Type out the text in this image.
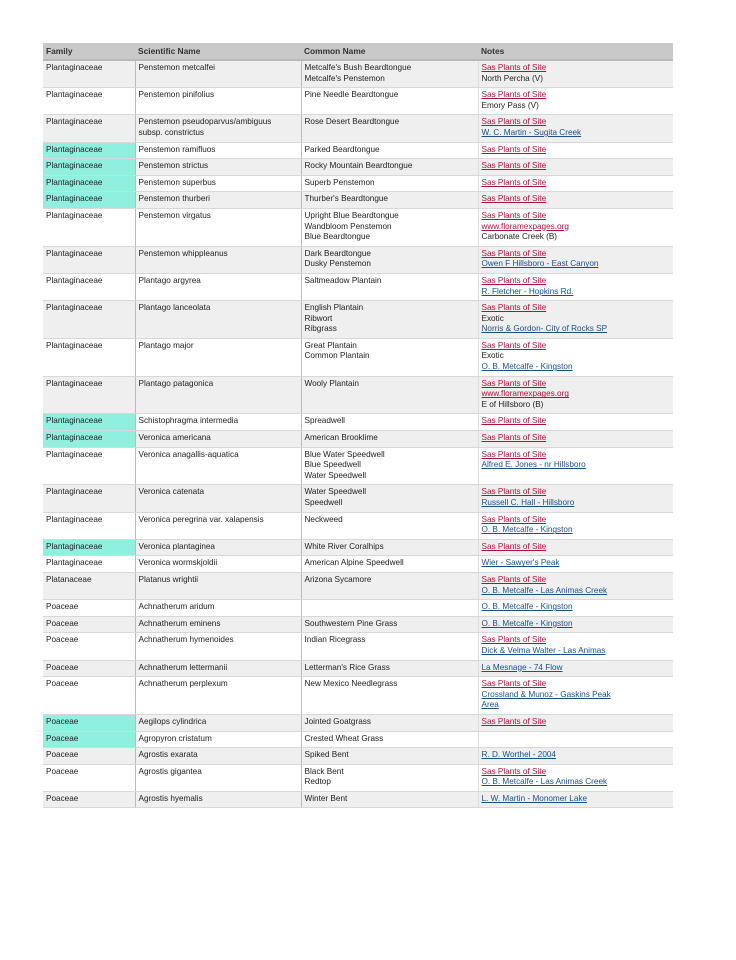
Family	Scientific Name	Common Name	Notes

Plantaginaceae	Penstemon metcalfei	Metcalfe's Bush Beardtongue
Metcalfe's Penstemon	Sas Plants of Site
North Percha (V)

Plantaginaceae	Penstemon pinifolius	Pine Needle Beardtongue	Sas Plants of Site
Emory Pass (V)

Plantaginaceae	Penstemon pseudoparvus/ambiguus
subsp. constrictus	Rose Desert Beardtongue	Sas Plants of Site
W. C. Martin - Sugita Creek

Plantaginaceae	Penstemon ramifluos	Parked Beardtongue	Sas Plants of Site

Plantaginaceae	Penstemon strictus	Rocky Mountain Beardtongue	Sas Plants of Site

Plantaginaceae	Penstemon superbus	Superb Penstemon	Sas Plants of Site

Plantaginaceae	Penstemon thurberi	Thurber's Beardtongue	Sas Plants of Site

Plantaginaceae	Penstemon virgatus	Upright Blue Beardtongue
Wandbloom Penstemon
Blue Beardtongue	Sas Plants of Site
www.floramexpages.org
Carbonate Creek (B)

Plantaginaceae	Penstemon whippleanus	Dark Beardtongue
Dusky Penstemon	Sas Plants of Site
Owen F Hillsboro - East Canyon

Plantaginaceae	Plantago argyrea	Saltmeadow Plantain	Sas Plants of Site
R. Fletcher - Hopkins Rd.

Plantaginaceae	Plantago lanceolata	English Plantain
Ribwort
Ribgrass	Sas Plants of Site
Exotic
Norris & Gordon- City of Rocks SP

Plantaginaceae	Plantago major	Great Plantain
Common Plantain	Sas Plants of Site
Exotic
O. B. Metcalfe - Kingston

Plantaginaceae	Plantago patagonica	Wooly Plantain	Sas Plants of Site
www.floramexpages.org
E of Hillsboro (B)

Plantaginaceae	Schistophragma intermedia	Spreadwell	Sas Plants of Site

Plantaginaceae	Veronica americana	American Brooklime	Sas Plants of Site

Plantaginaceae	Veronica anagallis-aquatica	Blue Water Speedwell
Blue Speedwell
Water Speedwell	Sas Plants of Site
Alfred E. Jones - nr Hillsboro

Plantaginaceae	Veronica catenata	Water Speedwell
Speedwell	Sas Plants of Site
Russell C. Hall - Hillsboro

Plantaginaceae	Veronica peregrina var. xalapensis	Neckweed	Sas Plants of Site
O. B. Metcalfe - Kingston

Plantaginaceae	Veronica plantaginea	White River Coralhips	Sas Plants of Site

Plantaginaceae	Veronica wormskjoldii	American Alpine Speedwell	Wier - Sawyer's Peak

Platanaceae	Platanus wrightii	Arizona Sycamore	Sas Plants of Site
O. B. Metcalfe - Las Animas Creek

Poaceae	Achnatherum aridum		O. B. Metcalfe - Kingston

Poaceae	Achnatherum eminens	Southwestern Pine Grass	O. B. Metcalfe - Kingston

Poaceae	Achnatherum hymenoides	Indian Ricegrass	Sas Plants of Site
Dick & Velma Walter - Las Animas

Poaceae	Achnatherum lettermanii	Letterman's Rice Grass	La Mesnage - 74 Flow

Poaceae	Achnatherum perplexum	New Mexico Needlegrass	Sas Plants of Site
Crossland & Munoz - Gaskins Peak
Area

Poaceae	Aegilops cylindrica	Jointed Goatgrass	Sas Plants of Site

Poaceae	Agropyron cristatum	Crested Wheat Grass	

Poaceae	Agrostis exarata	Spiked Bent	R. D. Worthel - 2004

Poaceae	Agrostis gigantea	Black Bent
Redtop	Sas Plants of Site
O. B. Metcalfe - Las Animas Creek

Poaceae	Agrostis hyemalis	Winter Bent	L. W. Martin - Monomer Lake
